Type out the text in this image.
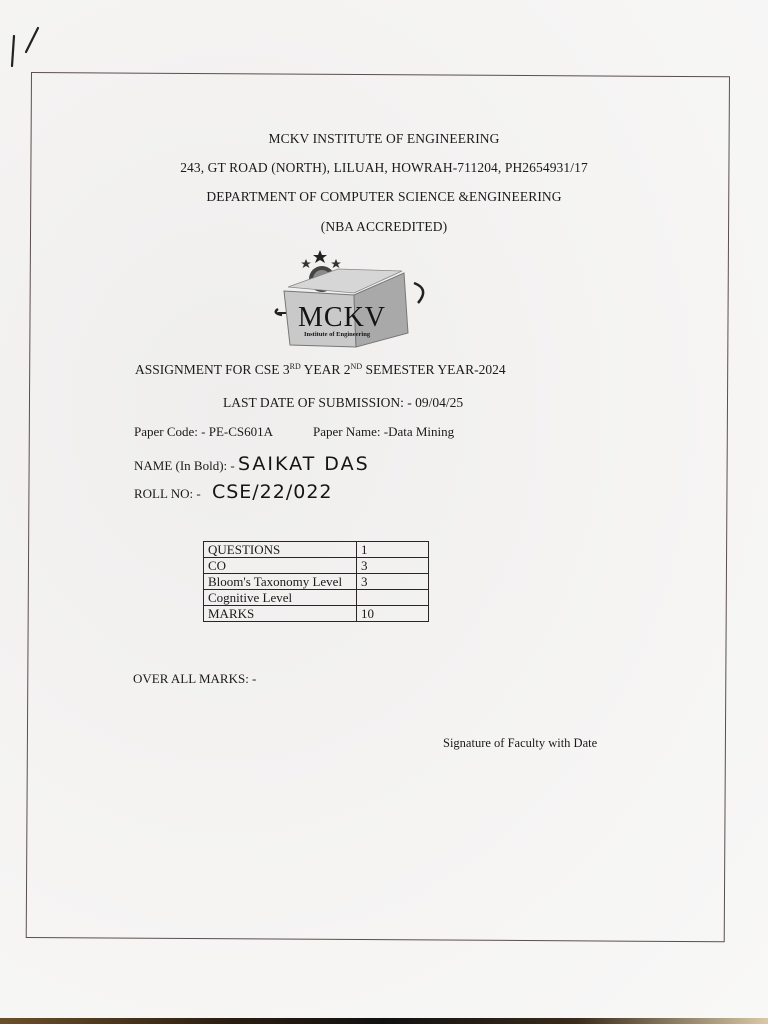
MCKV INSTITUTE OF ENGINEERING
243, GT ROAD (NORTH), LILUAH, HOWRAH-711204, PH2654931/17
DEPARTMENT OF COMPUTER SCIENCE &ENGINEERING
(NBA ACCREDITED)
MCKV
Institute of Engineering
ASSIGNMENT FOR CSE 3RD YEAR 2ND SEMESTER YEAR-2024
LAST DATE OF SUBMISSION: - 09/04/25
Paper Code: - PE-CS601A	Paper Name: -Data Mining
NAME (In Bold): - SAIKAT DAS
ROLL NO: - CSE/22/022
QUESTIONS	1
CO	3
Bloom's Taxonomy Level	3
Cognitive Level	
MARKS	10
OVER ALL MARKS: -
Signature of Faculty with Date
